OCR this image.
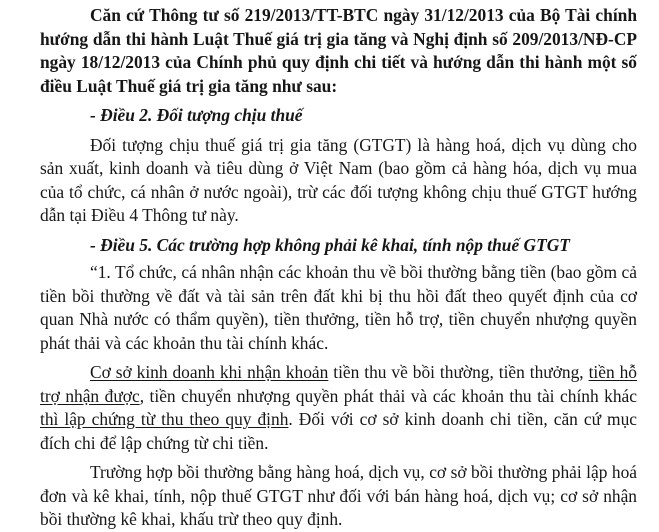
Căn cứ Thông tư số 219/2013/TT-BTC ngày 31/12/2013 của Bộ Tài chính hướng dẫn thi hành Luật Thuế giá trị gia tăng và Nghị định số 209/2013/NĐ-CP ngày 18/12/2013 của Chính phủ quy định chi tiết và hướng dẫn thi hành một số điều Luật Thuế giá trị gia tăng như sau:

- Điều 2. Đối tượng chịu thuế

Đối tượng chịu thuế giá trị gia tăng (GTGT) là hàng hoá, dịch vụ dùng cho sản xuất, kinh doanh và tiêu dùng ở Việt Nam (bao gồm cả hàng hóa, dịch vụ mua của tổ chức, cá nhân ở nước ngoài), trừ các đối tượng không chịu thuế GTGT hướng dẫn tại Điều 4 Thông tư này.

- Điều 5. Các trường hợp không phải kê khai, tính nộp thuế GTGT

“1. Tổ chức, cá nhân nhận các khoản thu về bồi thường bằng tiền (bao gồm cả tiền bồi thường về đất và tài sản trên đất khi bị thu hồi đất theo quyết định của cơ quan Nhà nước có thẩm quyền), tiền thưởng, tiền hỗ trợ, tiền chuyển nhượng quyền phát thải và các khoản thu tài chính khác.

Cơ sở kinh doanh khi nhận khoản tiền thu về bồi thường, tiền thưởng, tiền hỗ trợ nhận được, tiền chuyển nhượng quyền phát thải và các khoản thu tài chính khác thì lập chứng từ thu theo quy định. Đối với cơ sở kinh doanh chi tiền, căn cứ mục đích chi để lập chứng từ chi tiền.

Trường hợp bồi thường bằng hàng hoá, dịch vụ, cơ sở bồi thường phải lập hoá đơn và kê khai, tính, nộp thuế GTGT như đối với bán hàng hoá, dịch vụ; cơ sở nhận bồi thường kê khai, khấu trừ theo quy định.
